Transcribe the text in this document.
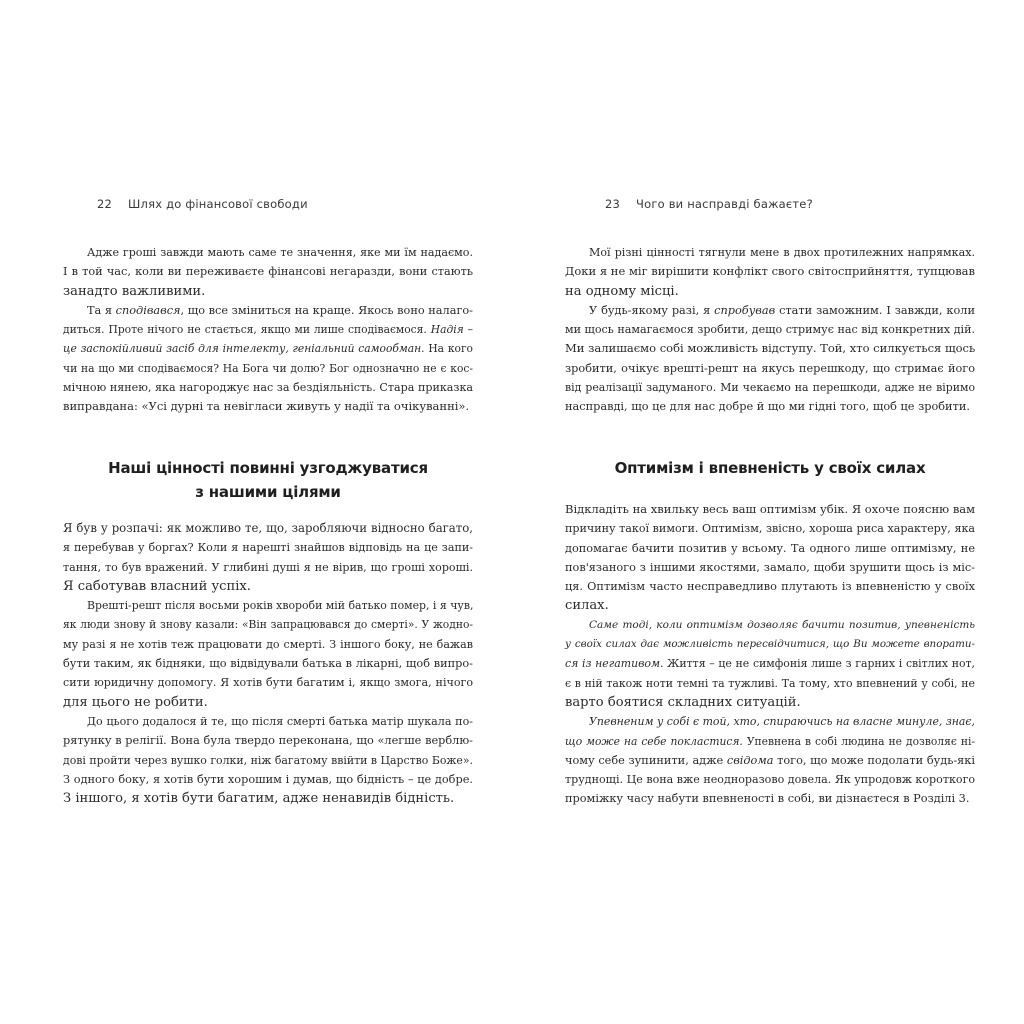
22 Шлях до фінансової свободи

Адже гроші завжди мають саме те значення, яке ми їм надаємо.
І в той час, коли ви переживаєте фінансові негаразди, вони стають
занадто важливими.

Та я сподівався, що все зміниться на краще. Якось воно налаго-
диться. Проте нічого не стається, якщо ми лише сподіваємося. Надія –
це заспокійливий засіб для інтелекту, геніальний самообман. На кого
чи на що ми сподіваємося? На Бога чи долю? Бог однозначно не є кос-
мічною нянею, яка нагороджує нас за бездіяльність. Стара приказка
виправдана: «Усі дурні та невігласи живуть у надії та очікуванні».

Наші цінності повинні узгоджуватися
з нашими цілями

Я був у розпачі: як можливо те, що, заробляючи відносно багато,
я перебував у боргах? Коли я нарешті знайшов відповідь на це запи-
тання, то був вражений. У глибині душі я не вірив, що гроші хороші.
Я саботував власний успіх.

Врешті-решт після восьми років хвороби мій батько помер, і я чув,
як люди знову й знову казали: «Він запрацювався до смерті». У жодно-
му разі я не хотів теж працювати до смерті. З іншого боку, не бажав
бути таким, як бідняки, що відвідували батька в лікарні, щоб випро-
сити юридичну допомогу. Я хотів бути багатим і, якщо змога, нічого
для цього не робити.

До цього додалося й те, що після смерті батька матір шукала по-
рятунку в релігії. Вона була твердо переконана, що «легше верблю-
дові пройти через вушко голки, ніж багатому ввійти в Царство Боже».
З одного боку, я хотів бути хорошим і думав, що бідність – це добре.
З іншого, я хотів бути багатим, адже ненавидів бідність.

23 Чого ви насправді бажаєте?

Мої різні цінності тягнули мене в двох протилежних напрямках.
Доки я не міг вирішити конфлікт свого світосприйняття, тупцював
на одному місці.

У будь-якому разі, я спробував стати заможним. І завжди, коли
ми щось намагаємося зробити, дещо стримує нас від конкретних дій.
Ми залишаємо собі можливість відступу. Той, хто силкується щось
зробити, очікує врешті-решт на якусь перешкоду, що стримає його
від реалізації задуманого. Ми чекаємо на перешкоди, адже не віримо
насправді, що це для нас добре й що ми гідні того, щоб це зробити.

Оптимізм і впевненість у своїх силах

Відкладіть на хвильку весь ваш оптимізм убік. Я охоче поясню вам
причину такої вимоги. Оптимізм, звісно, хороша риса характеру, яка
допомагає бачити позитив у всьому. Та одного лише оптимізму, не
пов'язаного з іншими якостями, замало, щоби зрушити щось із міс-
ця. Оптимізм часто несправедливо плутають із впевненістю у своїх
силах.

Саме тоді, коли оптимізм дозволяє бачити позитив, упевненість
у своїх силах дає можливість пересвідчитися, що Ви можете впорати-
ся із негативом. Життя – це не симфонія лише з гарних і світлих нот,
є в ній також ноти темні та тужливі. Та тому, хто впевнений у собі, не
варто боятися складних ситуацій.

Упевненим у собі є той, хто, спираючись на власне минуле, знає,
що може на себе покластися. Упевнена в собі людина не дозволяє ні-
чому себе зупинити, адже свідома того, що може подолати будь-які
труднощі. Це вона вже неодноразово довела. Як упродовж короткого
проміжку часу набути впевненості в собі, ви дізнаєтеся в Розділі 3.
